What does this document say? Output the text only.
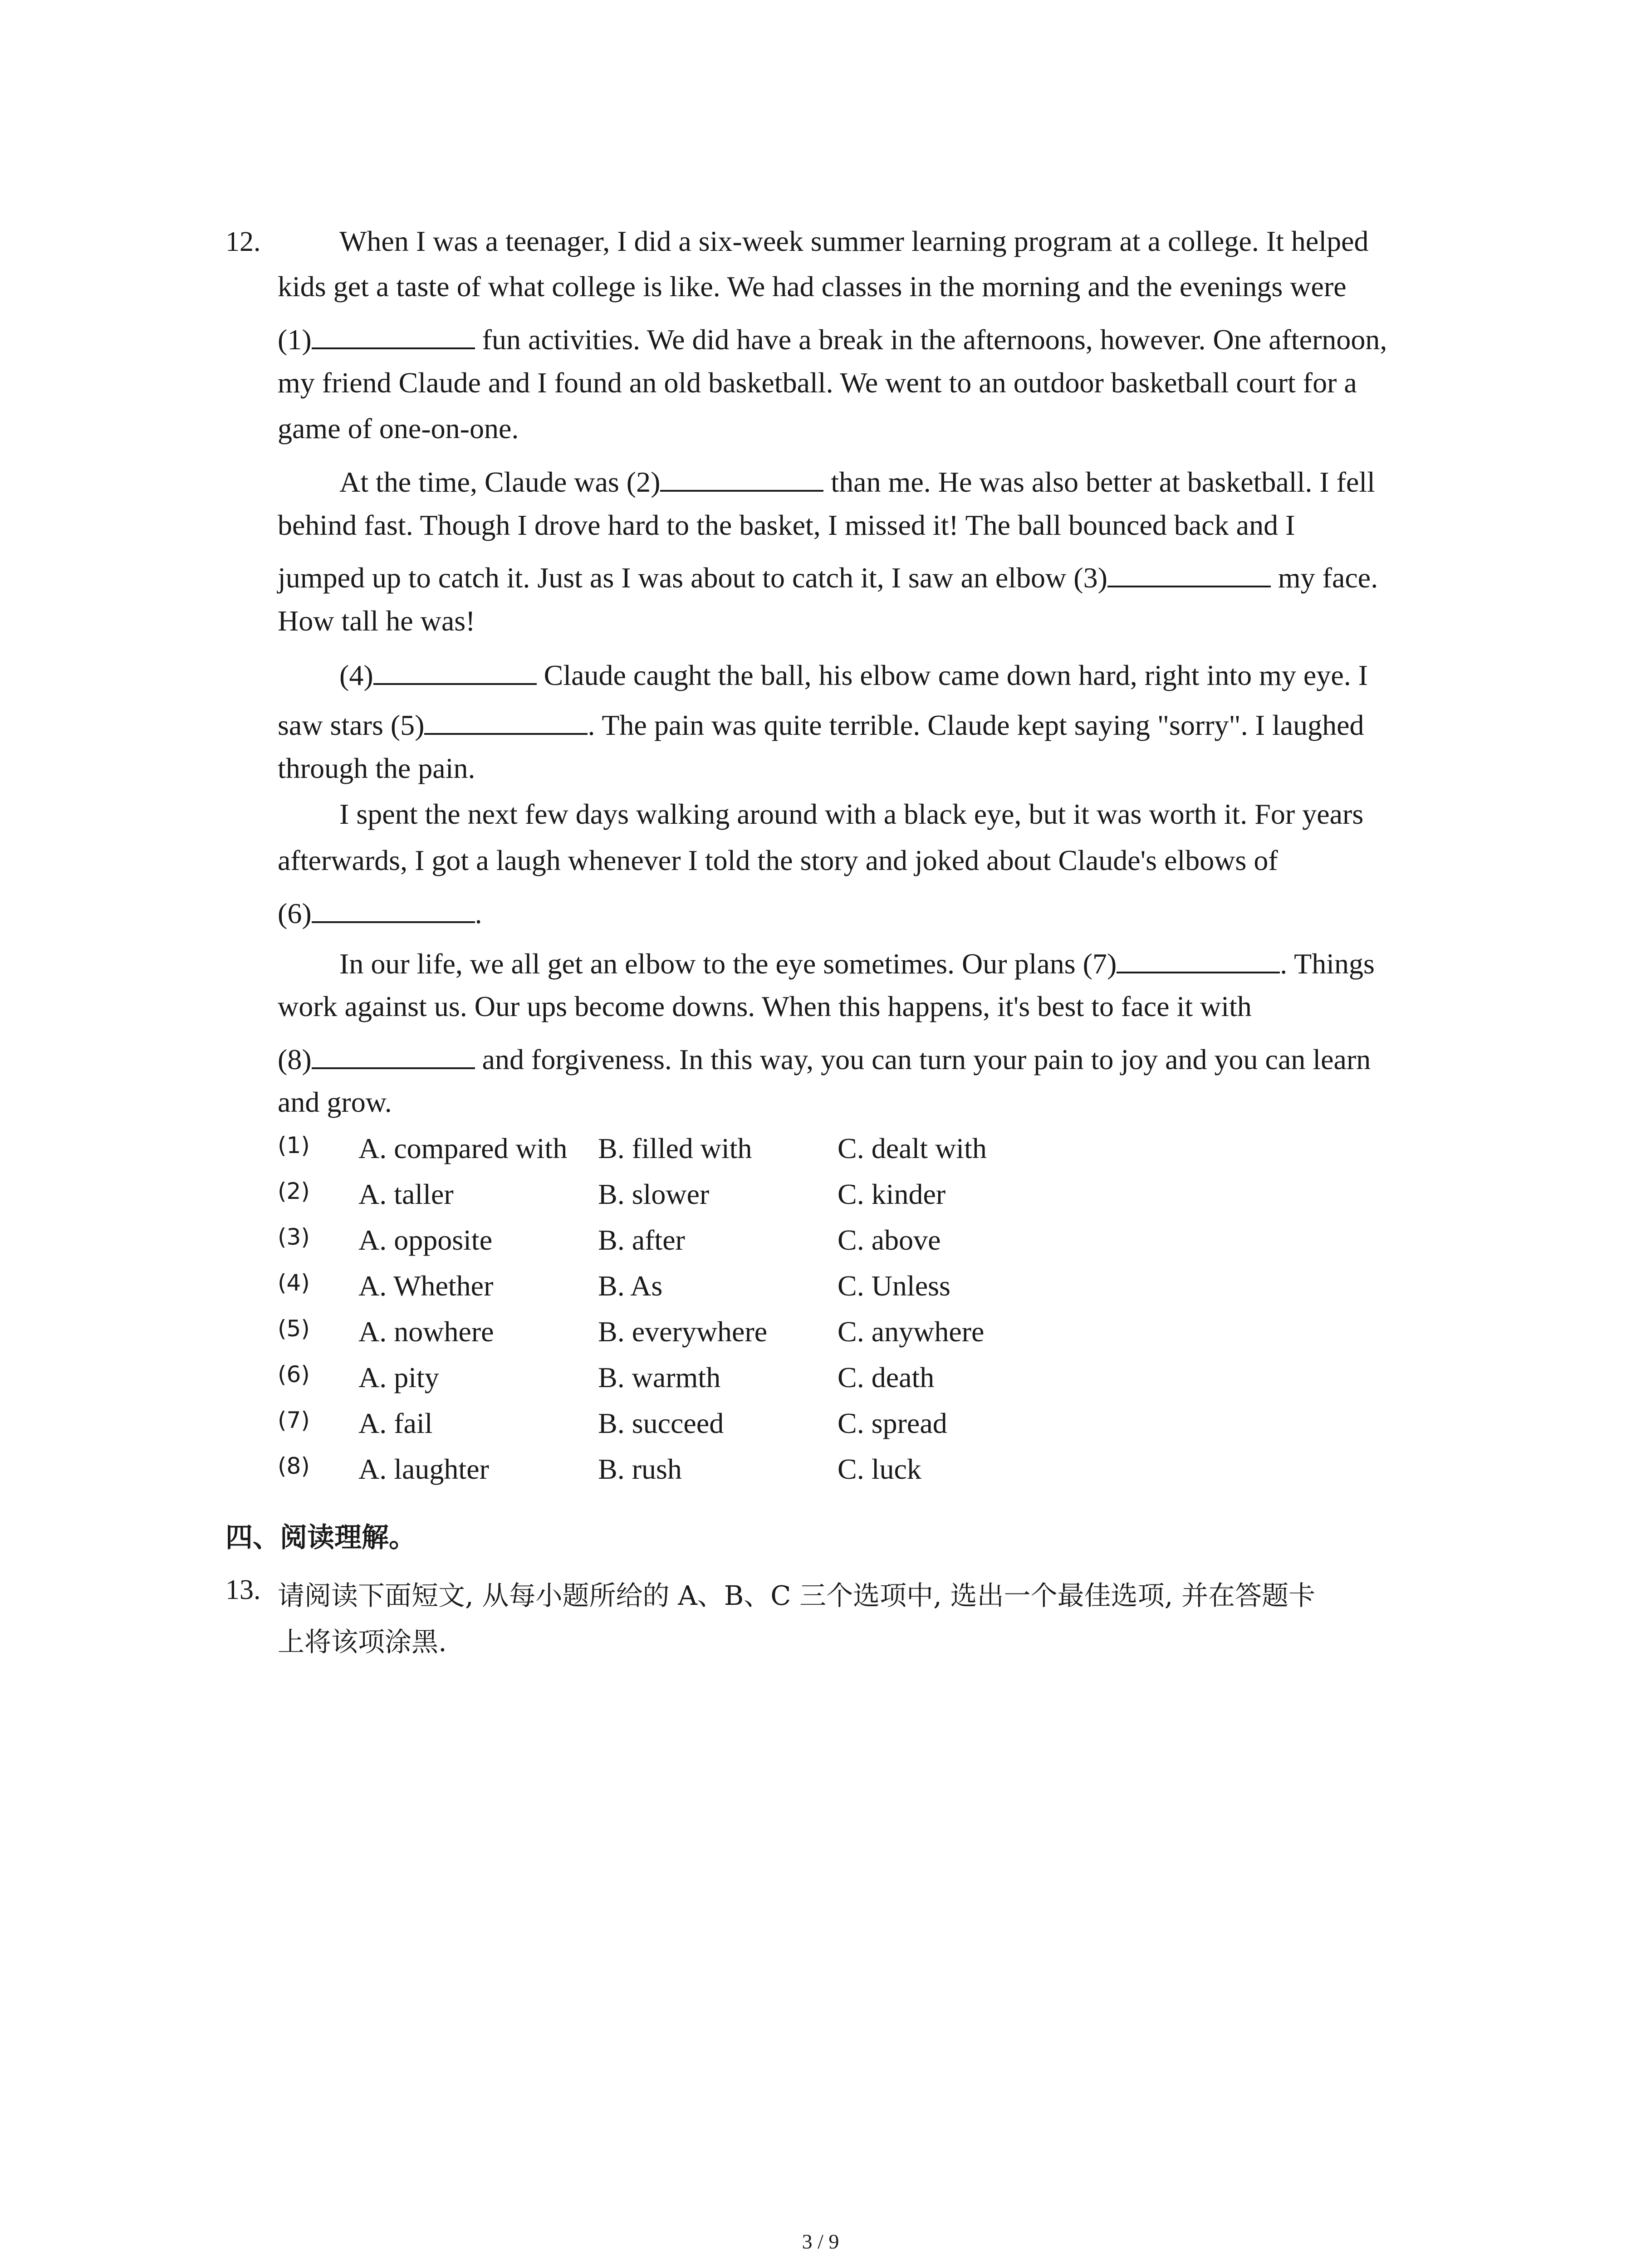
12.	When I was a teenager, I did a six-week summer learning program at a college. It helped
kids get a taste of what college is like. We had classes in the morning and the evenings were
(1)	fun activities. We did have a break in the afternoons, however. One afternoon,
my friend Claude and I found an old basketball. We went to an outdoor basketball court for a
game of one-on-one.
At the time, Claude was (2)	than me. He was also better at basketball. I fell
behind fast. Though I drove hard to the basket, I missed it! The ball bounced back and I
jumped up to catch it. Just as I was about to catch it, I saw an elbow (3)	my face.
How tall he was!
(4)	Claude caught the ball, his elbow came down hard, right into my eye. I
saw stars (5)	. The pain was quite terrible. Claude kept saying "sorry". I laughed
through the pain.
I spent the next few days walking around with a black eye, but it was worth it. For years
afterwards, I got a laugh whenever I told the story and joked about Claude's elbows of
(6)	.
In our life, we all get an elbow to the eye sometimes. Our plans (7)	. Things
work against us. Our ups become downs. When this happens, it's best to face it with
(8)	and forgiveness. In this way, you can turn your pain to joy and you can learn
and grow.
(1) A. compared with B. filled with	C. dealt with
(2) A. taller	B. slower	C. kinder
(3) A. opposite	B. after	C. above
(4) A. Whether	B. As	C. Unless
(5) A. nowhere	B. everywhere C. anywhere
(6) A. pity	B. warmth	C. death
(7) A. fail	B. succeed	C. spread
(8) A. laughter	B. rush	C. luck
四、阅读理解。
13. 请阅读下面短文, 从每小题所给的 A、B、C 三个选项中, 选出一个最佳选项, 并在答题卡
上将该项涂黑.
3 / 9
